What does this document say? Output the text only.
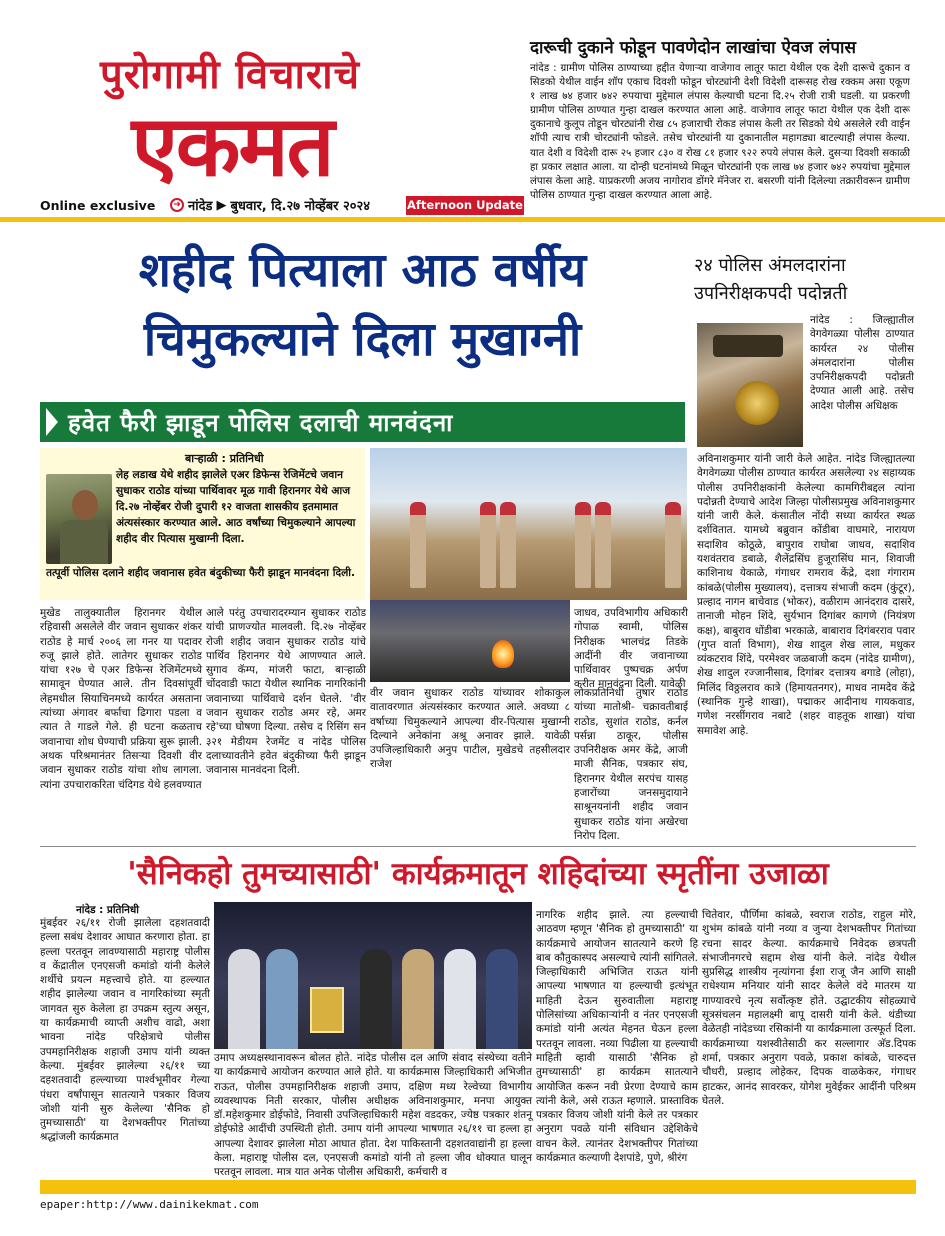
पुरोगामी विचाराचे
एकमत
Online exclusive	➜ नांदेड ▶ बुधवार, दि.२७ नोव्हेंबर २०२४	Afternoon Update
दारूची दुकाने फोडून पावणेदोन लाखांचा ऐवज लंपास
नांदेड : ग्रामीण पोलिस ठाण्याच्या हद्दीत येणाऱ्या वाजेगाव लातूर फाटा येथील एक देशी दारूचे दुकान व सिडको येथील वाईन शॉप एकाच दिवशी फोडून चोरट्यांनी देशी विदेशी दारूसह रोख रक्कम असा एकूण १ लाख ७४ हजार ७४२ रुपयाचा मुद्देमाल लंपास केल्याची घटना दि.२५ रोजी रात्री घडली. या प्रकरणी ग्रामीण पोलिस ठाण्यात गुन्हा दाखल करण्यात आला आहे. वाजेगाव लातूर फाटा येथील एक देशी दारू दुकानाचे कुलूप तोडून चोरट्यांनी रोख ८५ हजाराची रोकड लंपास केली तर सिडको येथे असलेले रवी वाईन शॉपी त्याच रात्री चोरट्यांनी फोडले. तसेच चोरट्यांनी या दुकानातील महागड्या बाटल्याही लंपास केल्या. यात देशी व विदेशी दारू २५ हजार ८३० व रोख ८१ हजार ९२२ रुपये लंपास केले. दुसऱ्या दिवशी सकाळी हा प्रकार लक्षात आला. या दोन्ही घटनांमध्ये मिळून चोरट्यांनी एक लाख ७४ हजार ७४२ रुपयांचा मुद्देमाल लंपास केला आहे. याप्रकरणी अजय नागोराव डोंगरे मॅनेजर रा. बसरणी यांनी दिलेल्या तक्रारीवरून ग्रामीण पोलिस ठाण्यात गुन्हा दाखल करण्यात आला आहे.
शहीद पित्याला आठ वर्षीय
चिमुकल्याने दिला मुखाग्नी
हवेत फैरी झाडून पोलिस दलाची मानवंदना
२४ पोलिस अंमलदारांना उपनिरीक्षकपदी पदोन्नती
नांदेड : जिल्ह्यातील वेगवेगळ्या पोलीस ठाण्यात कार्यरत २४ पोलीस अंमलदारांना पोलीस उपनिरीक्षकपदी पदोन्नती देण्यात आली आहे. तसेच आदेश पोलीस अधिक्षक
अविनाशकुमार यांनी जारी केले आहेत. नांदेड जिल्ह्यातल्या वेगवेगळ्या पोलीस ठाण्यात कार्यरत असलेल्या २४ सहाय्यक पोलीस उपनिरीक्षकांनी केलेल्या कामगिरीबद्दल त्यांना पदोन्नती देण्याचे आदेश जिल्हा पोलीसप्रमुख अविनाशकुमार यांनी जारी केले. कंसातील नोंदी सध्या कार्यरत स्थळ दर्शवितात. यामध्ये बब्रुवान कोंडीबा वाघमारे, नारायण सदाशिव कोठूळे, बापुराव राघोबा जाधव, सदाशिव यशवंतराव डबाळे, शैलेंद्रसिंघ हुजूरासिंघ मान, शिवाजी काशिनाथ येकाळे, गंगाधर रामराव केंद्रे, दशा गंगाराम कांबळे(पोलीस मुख्यालय), दत्तात्रय संभाजी कदम (कुंटूर), प्रल्हाद नागन बाचेवाड (भोकर), वळीराम आनंदराव दासरे, तानाजी मोहन शिंदे, सुर्यभान दिगांबर कागणे (नियंत्रण कक्ष), बाबुराव धोंडीबा भरकाळे, बाबाराव दिगंबरराव पवार (गुप्त वार्ता विभाग), शेख शादुल शेख लाल, मधुकर व्यंकटराव शिंदे, परमेश्वर जळबाजी कदम (नांदेड ग्रामीण), शेख शादुल रज्जानीसाब, दिगांबर दत्तात्रय बगाडे (लोहा), मिलिंद विठ्ठलराव कात्रे (हिमायतनगर), माधव नामदेव केंद्रे (स्थानिक गुन्हे शाखा), पद्माकर आदीनाथ गायकवाड, गणेश नरसींगराव नबाटे (शहर वाहतूक शाखा) यांचा समावेश आहे.
बाऱ्हाळी : प्रतिनिधी
लेह लडाख येथे शहीद झालेले एअर डिफेन्स रेजिमेंटचे जवान सुधाकर राठोड यांच्या पार्थिवावर मूळ गावी हिरानगर येथे आज दि.२७ नोव्हेंबर रोजी दुपारी १२ वाजता शासकीय इतमामात अंत्यसंस्कार करण्यात आले. आठ वर्षांच्या चिमुकल्याने आपल्या शहीद वीर पित्यास मुखाग्नी दिला.
तत्पूर्वी पोलिस दलाने शहीद जवानास हवेत बंदुकीच्या फैरी झाडून मानवंदना दिली.
मुखेड तालुक्यातील हिरानगर येथील रहिवासी असलेले वीर जवान सुधाकर शंकर राठोड हे मार्च २००६ ला गनर या पदावर रुजू झाले होते. लातेगर सुधाकर राठोड यांचा १२७ चे एअर डिफेन्स रेजिमेंटमध्ये सामावून घेण्यात आले. तीन दिवसांपूर्वी लेहमधील सियाचिनमध्ये कार्यरत असताना त्यांच्या अंगावर बर्फाचा ढिगारा पडला व त्यात ते गाडले गेले. ही घटना कळताच जवानाचा शोध घेण्याची प्रक्रिया सुरू झाली. अथक परिश्रमानंतर तिसऱ्या दिवशी वीर जवान सुधाकर राठोड यांचा शोध लागला. त्यांना उपचाराकरिता चंदिगड येथे हलवण्यात
आले परंतु उपचारादरम्यान सुधाकर राठोड यांची प्राणज्योत मालवली. दि.२७ नोव्हेंबर रोजी शहीद जवान सुधाकर राठोड यांचे पार्थिव हिरानगर येथे आणण्यात आले. सुगाव कॅम्प, मांजरी फाटा, बाऱ्हाळी चोंदवाडी फाटा येथील स्थानिक नागरिकांनी जवानाच्या पार्थिवाचे दर्शन घेतले. 'वीर जवान सुधाकर राठोड अमर रहे, अमर रहे'च्या घोषणा दिल्या. तसेच द रिसिंग सन ३२१ मेडीयम रेजमेंट व नांदेड पोलिस दलाच्यावतीने हवेत बंदुकीच्या फैरी झाडून जवानास मानवंदना दिली.
जाधव, उपविभागीय अधिकारी गोपाळ स्वामी, पोलिस निरीक्षक भालचंद्र तिडके आदींनी वीर जवानाच्या पार्थिवावर पुष्पचक्र अर्पण करीत मानवंदना दिली. यावेळी
वीर जवान सुधाकर राठोड यांच्यावर शोकाकुल वातावरणात अंत्यसंस्कार करण्यात आले. अवघ्या ८ वर्षाच्या चिमुकल्याने आपल्या वीर-पित्यास मुखाग्नी दिल्याने अनेकांना अश्रू अनावर झाले. यावेळी उपजिल्हाधिकारी अनुप पाटील, मुखेडचे तहसीलदार राजेश
लोकप्रतिनिधी तुषार राठोड यांच्या मातोश्री- चक्रावतीबाई राठोड, सुशांत राठोड, कर्नल पर्सन्ना ठाकूर, पोलीस उपनिरीक्षक अमर केंद्रे, आजी माजी सैनिक, पत्रकार संघ, हिरानगर येथील सरपंच यासह हजारोंच्या जनसमुदायाने साश्रूनयनांनी शहीद जवान सुधाकर राठोड यांना अखेरचा निरोप दिला.
'सैनिकहो तुमच्यासाठी' कार्यक्रमातून शहिदांच्या स्मृतींना उजाळा
नांदेड : प्रतिनिधी
मुंबईवर २६/११ रोजी झालेला दहशतवादी हल्ला सबंध देशावर आघात करणारा होता. हा हल्ला परतवून लावण्यासाठी महाराष्ट्र पोलीस व केंद्रातील एनएसजी कमांडो यांनी केलेले शर्थीचे प्रयत्न महत्त्वाचे होते. या हल्ल्यात शहीद झालेल्या जवान व नागरिकांच्या स्मृती जागवत सुरु केलेला हा उपक्रम स्तुत्य असून, या कार्यक्रमाची व्याप्ती अशीच वाढो, अशा भावना नांदेड परिक्षेत्राचे पोलीस उपमहानिरीक्षक शहाजी उमाप यांनी व्यक्त केल्या. मुंबईवर झालेल्या २६/११ च्या दहशतवादी हल्ल्याच्या पार्श्वभूमीवर गेल्या पंधरा वर्षांपासून सातत्याने पत्रकार विजय जोशी यांनी सुरु केलेल्या 'सैनिक हो तुमच्यासाठी' या देशभक्तीपर गितांच्या श्रद्धांजली कार्यक्रमात
उमाप अध्यक्षस्थानावरून बोलत होते. नांदेड पोलीस दल आणि संवाद संस्थेच्या वतीने या कार्यक्रमाचे आयोजन करण्यात आले होते. या कार्यक्रमास जिल्हाधिकारी अभिजीत राऊत, पोलीस उपमहानिरीक्षक शहाजी उमाप, दक्षिण मध्य रेल्वेच्या विभागीय व्यवस्थापक निती सरकार, पोलीस अधीक्षक अविनाशकुमार, मनपा आयुक्त डॉ.महेशकुमार डोईफोडे, निवासी उपजिल्हाधिकारी महेश वडदकर, ज्येष्ठ पत्रकार शंतनू डोईफोडे आदींची उपस्थिती होती. उमाप यांनी आपल्या भाषणात २६/११ चा हल्ला हा आपल्या देशावर झालेला मोठा आघात होता. देश पाकिस्तानी दहशतवाद्यांनी हा हल्ला केला. महाराष्ट्र पोलीस दल, एनएसजी कमांडो यांनी तो हल्ला जीव धोक्यात घालून परतवून लावला. मात्र यात अनेक पोलीस अधिकारी, कर्मचारी व
नागरिक शहीद झाले. त्या हल्ल्याची आठवण म्हणून 'सैनिक हो तुमच्यासाठी' या कार्यक्रमाचे आयोजन सातत्याने करणे हि बाब कौतुकास्पद असल्याचे त्यांनी सांगितले. जिल्हाधिकारी अभिजित राऊत यांनी आपल्या भाषणात या हल्ल्याची इत्थंभूत माहिती देऊन सुरुवातीला महाराष्ट्र पोलिसांच्या अधिकाऱ्यांनी व नंतर एनएसजी कमांडो यांनी अत्यंत मेहनत घेऊन हल्ला परतवून लावला. नव्या पिढीला या हल्ल्याची माहिती व्हावी यासाठी 'सैनिक हो तुमच्यासाठी' हा कार्यक्रम सातत्याने आयोजित करून नवी प्रेरणा देण्याचे काम त्यांनी केले, असे राऊत म्हणाले. प्रास्ताविक पत्रकार विजय जोशी यांनी केले तर पत्रकार अनुराग पवळे यांनी संविधान उद्देशिकेचे वाचन केले. त्यानंतर देशभक्तीपर गितांच्या कार्यक्रमात कल्याणी देशपांडे, पुणे, श्रीरंग
चितेवार, पौर्णिमा कांबळे, स्वराज राठोड, राहुल मोरे, शुभंम कांबळे यांनी नव्या व जुन्या देशभक्तीपर गितांच्या रचना सादर केल्या. कार्यक्रमाचे निवेदक छत्रपती संभाजीनगरचे सद्दाम शेख यांनी केले. नांदेड येथील सुप्रसिद्ध शास्त्रीय नृत्यांगना ईशा राजू जैन आणि साक्षी राधेश्याम मनियार यांनी सादर केलेले वंदे मातरम या गाण्यावरचे नृत्य सर्वोत्कृष्ट होते. उद्घाटकीय सोहळ्याचे सूत्रसंचलन महालक्ष्मी बापू दासरी यांनी केले. थंडीच्या वेळेतही नांदेडच्या रसिकांनी या कार्यक्रमाला उत्स्फूर्त दिला. कार्यक्रमाच्या यशस्वीतेसाठी कर सल्लागार अ‍ॅड.दिपक शर्मा, पत्रकार अनुराग पवळे, प्रकाश कांबळे, चारुदत्त चौधरी, प्रल्हाद लोहेकर, दिपक वाळकेकर, गंगाधर हाटकर, आनंद सावरकर, योगेश मुवेईकर आदींनी परिश्रम घेतले.
epaper:http://www.dainikekmat.com
